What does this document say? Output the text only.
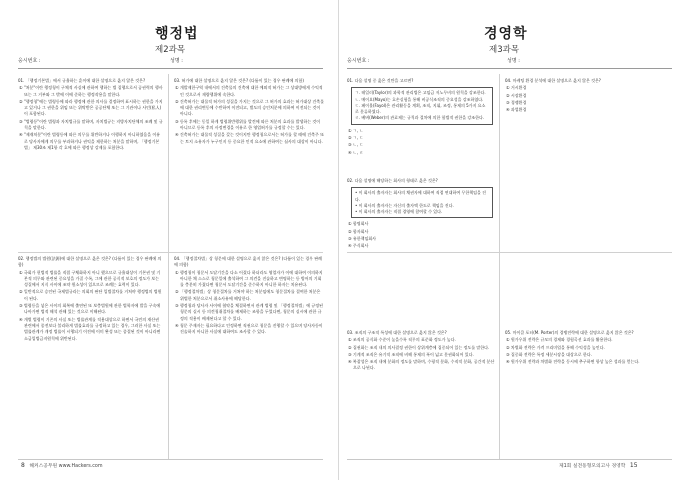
행정법
제2과목
응시번호 :	성명 :
01. 「행정기본법」에서 규율하는 훈이에 대한 설명으로 옳지 않은 것은?
① "처분"이란 행정청이 구체적 사실에 관하여 행하는 법 집행으로서 공권력의 행사 또는 그 거부와 그 밖에 이에 준하는 행정작용을 말한다.
② "행정청"에는 법령등에 따라 행정에 관한 의사를 결정하여 표시하는 권한을 가지고 있거나 그 권한을 위임 또는 위탁받은 공공단체 또는 그 기관이나 사인(私人)이 포함된다.
③ "법령등"이란 법령과 자치법규를 말하며, 자치법규는 지방자치단체의 조례 및 규칙을 말한다.
④ "제재처분"이란 법령등에 따른 의무를 위반하거나 이행하지 아니하였음을 이유로 당사자에게 의무를 부과하거나 권익을 제한하는 처분을 말하며, 「행정기본법」 제30조 제1항 각 호에 따른 행정상 강제를 포함한다.
03. 허가에 대한 설명으로 옳지 않은 것은? (다툼이 있는 경우 판례에 의함)
① 개발제한구역 내에서의 건축물의 건축에 대한 예외적 허가는 그 상대방에게 수익적인 것으로서 재량행위에 속한다.
② 건축허가는 대물적 허가의 성질을 가지는 것으로 그 허가의 효과는 허가대상 건축물에 대한 권리변동에 수반하여 이전되고, 별도의 승인처분에 의하여 이전되는 것이 아니다.
③ 등록 후에는 동일 하게 법령위반행위를 발견에 따른 처분의 효과를 발생하는 것이 아니므로 등록 후의 사정변경을 이유로 한 영업허가를 규정할 수는 있다.
④ 건축허가는 대물적 성질을 갖는 것이지만 행정청으로서는 허가를 할 때에 건축주 또는 토지 소유자가 누구인지 등 중요한 인적 요소에 관하여는 심사의 대상이 아니다.
02. 행정법의 법원(法源)에 대한 설명으로 옳은 것은? (다툼이 있는 경우 판례에 의함)
① 국회가 헌법적 법률을 직접 구체화하지 아니 했으므로 규율대상이 기본권 및 기본적 의무와 관련된 중요성을 가질 수록, 그에 관한 공식적 보호의 정도가 보는 성질에서 지식 사이에 조약 원소성이 있으므로 조례는 효력이 있다.
② 일반적으로 승인된 국제법규라는 의회의 판단 입법절차를 거쳐야 행정법의 법원이 된다.
③ 법령등을 넣은 사이의 회복에 출연된 또 보충법원에 관한 법학자에 발을 구속에 나아가면 법적 해석 관해 있는 것으로 이해된다.
④ 개별 법령이 기존의 사실 또는 법률관계를 적용대상으로 하면서 국민의 재산권 관련에서 종전보다 불리하게 법률효과를 규정하고 있는 경우, 그러한 사실 또는 법률관계가 개정 법률이 시행되기 이전에 이미 완성 또는 종결된 것이 아니라면 소급입법금지원칙에 위반된다.
04. 「행정절차법」상 청문에 대한 설명으로 옳지 않은 것은? (다툼이 있는 경우 판례에 의함)
① 행정청이 청문서 도달기간을 다소 어겼다 하더라도 영업자가 이에 대하여 이의하지 아니한 채 스스로 청문일에 출석하여 그 의견을 진술하고 변명하는 등 방어의 기회를 충분히 가졌다면 청문서 도달기간을 준수하지 아니한 하자는 치유된다.
② 「행정절차법」상 청문절차를 거쳐야 하는 처분임에도 청문절차를 결여한 처분은 위법한 처분으로서 취소사유에 해당한다.
③ 행정청과 당사자 사이에 협약을 체결하면서 관계 법령 및 「행정절차법」에 규정된 청문의 실시 등 의견청취절차를 배제하는 조항을 두었다면, 청문의 실시에 관한 규정의 적용이 배제된다고 할 수 있다.
④ 청문 주재자는 필요하다고 인정하면 직권으로 청문을 진행할 수 있으며 당사자등이 진술하지 아니한 사실에 대하여도 조사할 수 있다.
8 해커스공무원 www.Hackers.com
경영학
제3과목
응시번호 :	성명 :
01. 다음 설명 중 옳은 것만을 고르면?
ㄱ. 테일러(Taylor)의 과학적 관리법은 고임금 저노무비의 원칙을 강조한다.
ㄴ. 메이요(Mayo)는 호손실험을 통해 비공식조직의 중요성을 강조하였다.
ㄷ. 페이욜(Fayol)은 관리활동을 계획, 조직, 지휘, 조정, 통제의 5가지 요소로 분류하였다.
ㄹ. 베버(Weber)의 관료제는 규칙과 절차에 의한 합법적 권한을 강조한다.
① ㄱ, ㄴ
② ㄱ, ㄷ
③ ㄴ, ㄷ
④ ㄴ, ㄹ
02. 다음 설명에 해당하는 회사의 형태로 옳은 것은?
• 이 회사의 출자자는 회사의 채권자에 대하여 직접 연대하여 무한책임을 진다.
• 이 회사의 출자자는 자신의 출자액 한도로 책임을 진다.
• 이 회사의 출자자는 직접 경영에 참여할 수 있다.
① 합명회사
② 합자회사
③ 유한책임회사
④ 주식회사
04. 마케팅 환경 분석에 대한 설명으로 옳지 않은 것은?
① 거시환경
② 시장환경
③ 경쟁환경
④ 과업환경
03. 조직의 구조적 특성에 대한 설명으로 옳지 않은 것은?
① 조직의 공식화 수준이 높을수록 직무의 표준화 정도가 높다.
② 집권화는 조직 내의 의사결정 권한이 상위계층에 집중되어 있는 정도를 말한다.
③ 기계적 조직은 유기적 조직에 비해 통제의 폭이 넓고 분권화되어 있다.
④ 복잡성은 조직 내에 분화의 정도를 말하며, 수평적 분화, 수직적 분화, 공간적 분산으로 나뉜다.
05. 마이클 포터(M. Porter)의 경쟁전략에 대한 설명으로 옳지 않은 것은?
① 원가우위 전략은 규모의 경제와 경험곡선 효과를 활용한다.
② 차별화 전략은 가격 프리미엄을 통해 수익성을 높인다.
③ 집중화 전략은 특정 세분시장을 대상으로 한다.
④ 원가우위 전략과 차별화 전략을 동시에 추구하면 항상 높은 성과를 얻는다.
제1회 실전동형모의고사 경영학 15
